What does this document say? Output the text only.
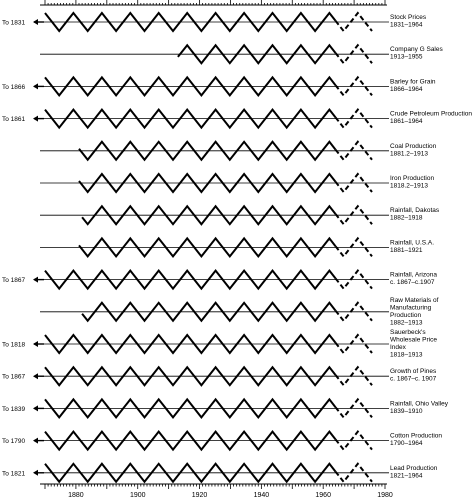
To 1831
Stock Prices 1831–1964
Company G Sales 1913–1955
To 1866
Barley for Grain 1866–1964
To 1861
Crude Petroleum Production 1861–1964
Coal Production 1881.2–1913
Iron Production 1818.2–1913
Rainfall, Dakotas 1882–1918
Rainfall, U.S.A. 1881–1921
To 1867
Rainfall, Arizona c. 1867–c.1907
Raw Materials of Manufacturing Production 1882–1913
To 1818
Sauerbeck's Wholesale Price Index 1818–1913
To 1867
Growth of Pines c. 1867–c. 1907
To 1839
Rainfall, Ohio Valley 1839–1910
To 1790
Cotton Production 1790–1964
To 1821
Lead Production 1821–1964
1880	1900	1920	1940	1960	1980
